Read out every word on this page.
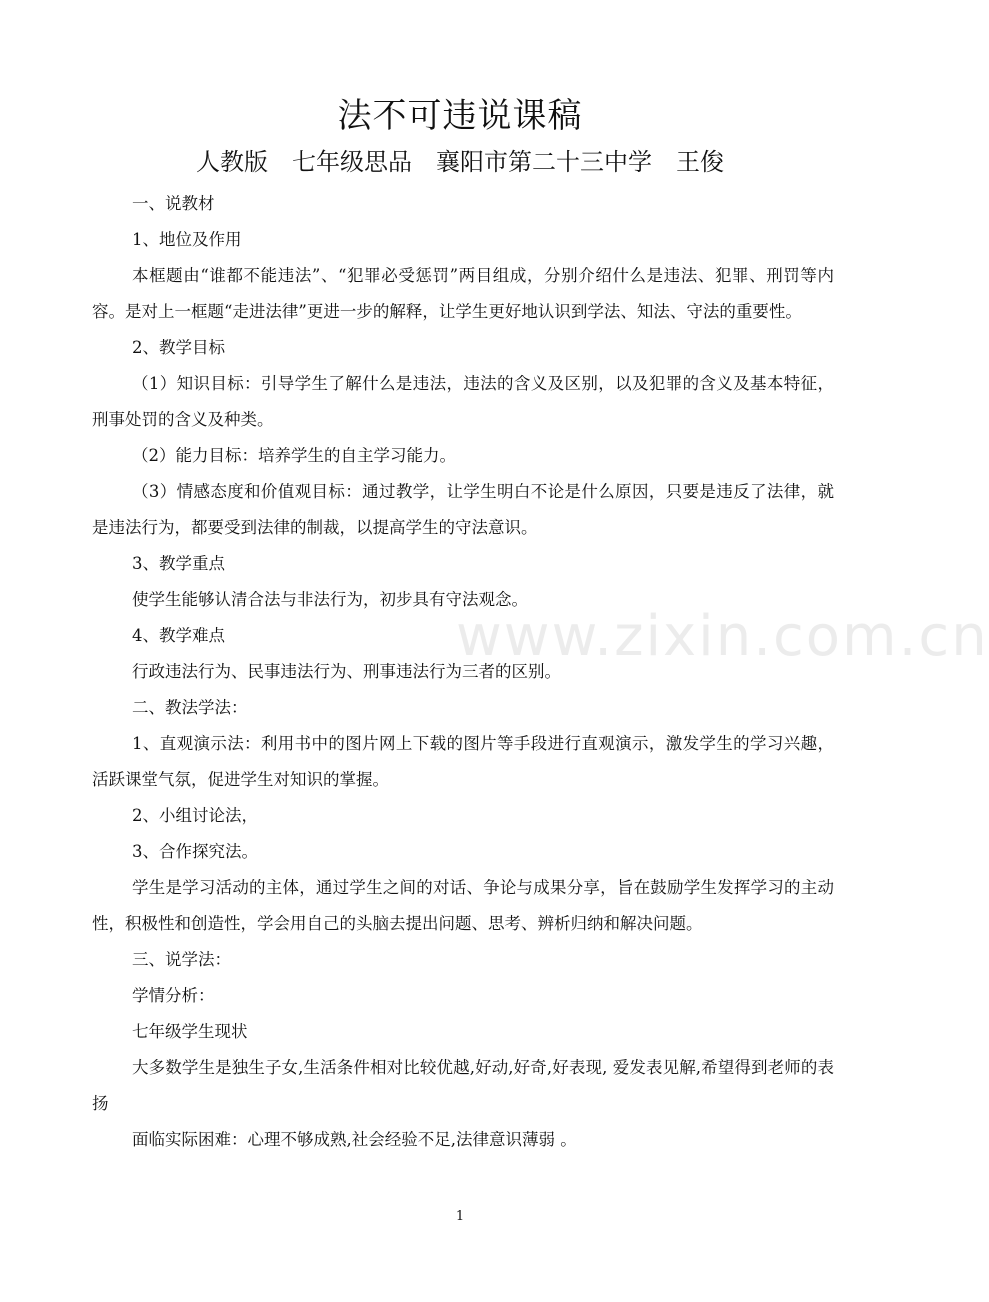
法不可违说课稿
人教版　七年级思品　襄阳市第二十三中学　王俊

一、说教材

1、地位及作用

本框题由“谁都不能违法”、“犯罪必受惩罚”两目组成，分别介绍什么是违法、犯罪、刑罚等内容。是对上一框题“走进法律”更进一步的解释，让学生更好地认识到学法、知法、守法的重要性。

2、教学目标

（1）知识目标：引导学生了解什么是违法，违法的含义及区别，以及犯罪的含义及基本特征，刑事处罚的含义及种类。

（2）能力目标：培养学生的自主学习能力。

（3）情感态度和价值观目标：通过教学，让学生明白不论是什么原因，只要是违反了法律，就是违法行为，都要受到法律的制裁，以提高学生的守法意识。

3、教学重点

使学生能够认清合法与非法行为，初步具有守法观念。

4、教学难点

行政违法行为、民事违法行为、刑事违法行为三者的区别。

二、教法学法：

1、直观演示法：利用书中的图片网上下载的图片等手段进行直观演示，激发学生的学习兴趣，活跃课堂气氛，促进学生对知识的掌握。

2、小组讨论法，

3、合作探究法。

学生是学习活动的主体，通过学生之间的对话、争论与成果分享，旨在鼓励学生发挥学习的主动性，积极性和创造性，学会用自己的头脑去提出问题、思考、辨析归纳和解决问题。

三、说学法：

学情分析：

七年级学生现状

大多数学生是独生子女,生活条件相对比较优越,好动,好奇,好表现, 爱发表见解,希望得到老师的表扬

面临实际困难：心理不够成熟,社会经验不足,法律意识薄弱 。

www.zixin.com.cn
1
